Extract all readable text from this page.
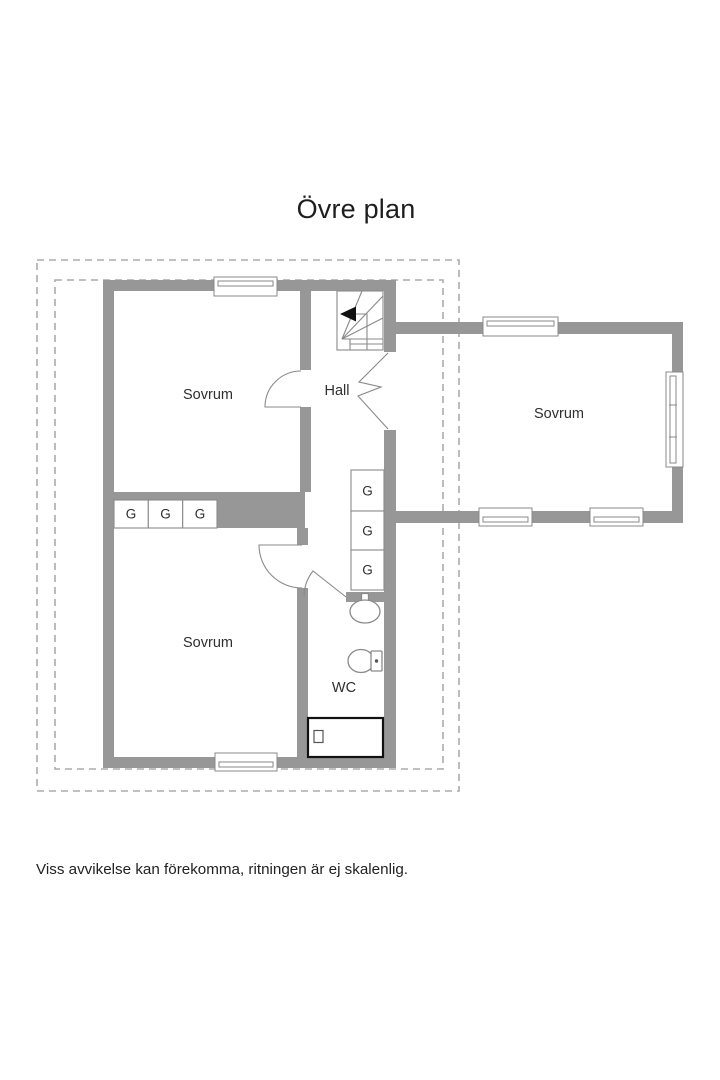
Övre plan
Sovrum	Hall
Sovrum
Sovrum
WC
G G G
G
G
G
Viss avvikelse kan förekomma, ritningen är ej skalenlig.
